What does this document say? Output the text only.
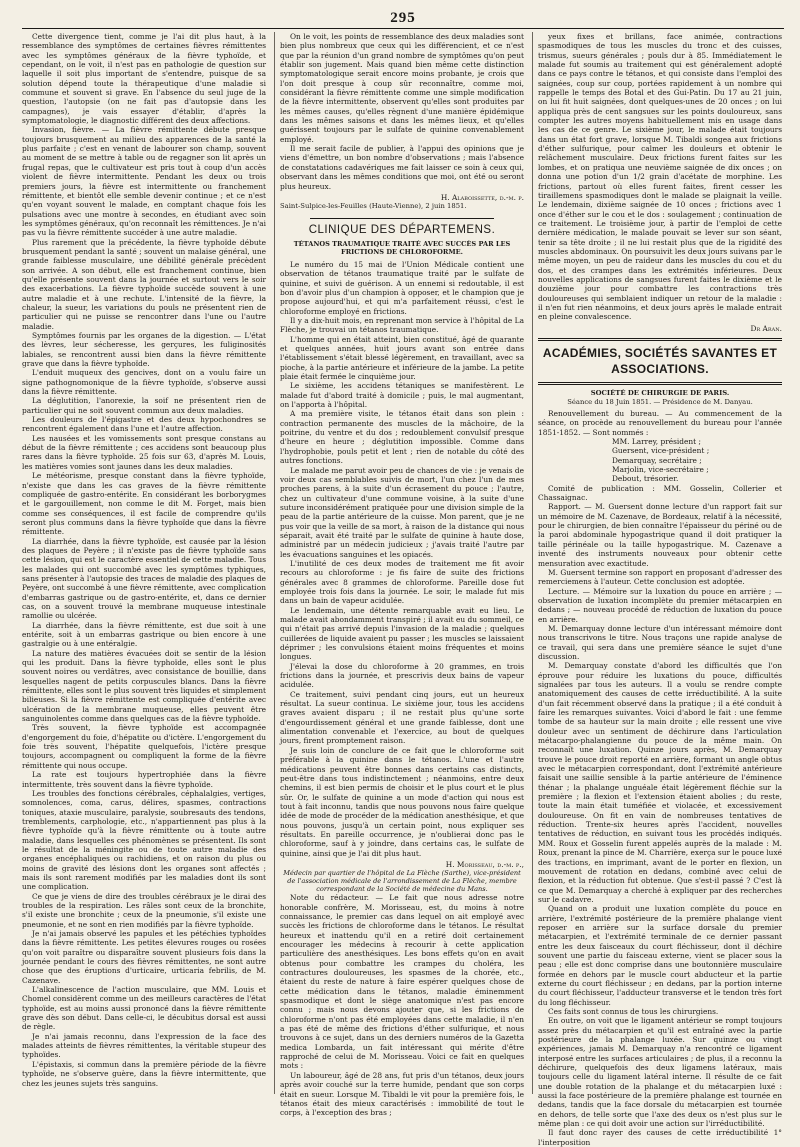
295

Cette divergence tient, comme je l'ai dit plus haut, à la ressemblance des symptômes de certaines fièvres rémittentes avec les symptômes généraux de la fièvre typhoïde, et cependant, on le voit, il n'est pas en pathologie de question sur laquelle il soit plus important de s'entendre, puisque de sa solution dépend toute la thérapeutique d'une maladie si commune et souvent si grave. En l'absence du seul juge de la question, l'autopsie (on ne fait pas d'autopsie dans les campagnes), je vais essayer d'établir, d'après la symptomatologie, le diagnostic différent des deux affections.

Invasion, fièvre. — La fièvre rémittente débute presque toujours brusquement au milieu des apparences de la santé la plus parfaite ; c'est en venant de labourer son champ, souvent au moment de se mettre à table ou de regagner son lit après un frugal repas, que le cultivateur est pris tout à coup d'un accès violent de fièvre intermittente. Pendant les deux ou trois premiers jours, la fièvre est intermittente ou franchement rémittente, et bientôt elle semble devenir continue ; et ce n'est qu'en voyant souvent le malade, en comptant chaque fois les pulsations avec une montre à secondes, en étudiant avec soin les symptômes généraux, qu'on reconnaît les rémittences. Je n'ai pas vu la fièvre rémittente succéder à une autre maladie.

Plus rarement que la précédente, la fièvre typhoïde débute brusquement pendant la santé ; souvent un malaise général, une grande faiblesse musculaire, une débilité générale précèdent son arrivée. A son début, elle est franchement continue, bien qu'elle présente souvent dans la journée et surtout vers le soir des exacerbations. La fièvre typhoïde succède souvent à une autre maladie et à une rechute. L'intensité de la fièvre, la chaleur, la sueur, les variations du pouls ne présentent rien de particulier qui ne puisse se rencontrer dans l'une ou l'autre maladie.

Symptômes fournis par les organes de la digestion. — L'état des lèvres, leur sécheresse, les gerçures, les fuliginosités labiales, se rencontrent aussi bien dans la fièvre rémittente grave que dans la fièvre typhoïde.

L'enduit muqueux des gencives, dont on a voulu faire un signe pathognomonique de la fièvre typhoïde, s'observe aussi dans la fièvre rémittente.

La déglutition, l'anorexie, la soif ne présentent rien de particulier qui ne soit souvent commun aux deux maladies.

Les douleurs de l'épigastre et des deux hypochondres se rencontrent également dans l'une et l'autre affection.

Les nausées et les vomissements sont presque constans au début de la fièvre rémittente ; ces accidens sont beaucoup plus rares dans la fièvre typhoïde. 25 fois sur 63, d'après M. Louis, les matières vomies sont jaunes dans les deux maladies.

Le météorisme, presque constant dans la fièvre typhoïde, n'existe que dans les cas graves de la fièvre rémittente compliquée de gastro-entérite. En considérant les borborygmes et le gargouillement, non comme le dit M. Forget, mais bien comme ses conséquences, il est facile de comprendre qu'ils seront plus communs dans la fièvre typhoïde que dans la fièvre rémittente.

La diarrhée, dans la fièvre typhoïde, est causée par la lésion des plaques de Peyère ; il n'existe pas de fièvre typhoïde sans cette lésion, qui est le caractère essentiel de cette maladie. Tous les malades qui ont succombé avec les symptômes typhiques, sans présenter à l'autopsie des traces de maladie des plaques de Peyère, ont succombé à une fièvre rémittente, avec complication d'embarras gastrique ou de gastro-entérite, et, dans ce dernier cas, on a souvent trouvé la membrane muqueuse intestinale ramollie ou ulcérée.

La diarrhée, dans la fièvre rémittente, est due soit à une entérite, soit à un embarras gastrique ou bien encore à une gastralgie ou à une entéralgie.

La nature des matières évacuées doit se sentir de la lésion qui les produit. Dans la fièvre typhoïde, elles sont le plus souvent noires ou verdâtres, avec consistance de bouillie, dans lesquelles nagent de petits corpuscules blancs. Dans la fièvre rémittente, elles sont le plus souvent très liquides et simplement bilieuses. Si la fièvre rémittente est compliquée d'entérite avec ulcération de la membrane muqueuse, elles peuvent être sanguinolentes comme dans quelques cas de la fièvre typhoïde.

Très souvent, la fièvre typhoïde est accompagnée d'engorgement du foie, d'hépatite ou d'ictère. L'engorgement du foie très souvent, l'hépatite quelquefois, l'ictère presque toujours, accompagnent ou compliquent la forme de la fièvre rémittente qui nous occupe.

La rate est toujours hypertrophiée dans la fièvre intermittente, très souvent dans la fièvre typhoïde.

Les troubles des fonctions cérébrales, céphalalgies, vertiges, somnolences, coma, carus, délires, spasmes, contractions toniques, ataxie musculaire, paralysie, soubresauts des tendons, tremblements, carphologie, etc., n'appartiennent pas plus à la fièvre typhoïde qu'à la fièvre rémittente ou à toute autre maladie, dans lesquelles ces phénomènes se présentent. Ils sont le résultat de la méningite ou de toute autre maladie des organes encéphaliques ou rachidiens, et on raison du plus ou moins de gravité des lésions dont les organes sont affectés ; mais ils sont rarement modifiés par les maladies dont ils sont une complication.

Ce que je viens de dire des troubles cérébraux je le dirai des troubles de la respiration. Les râles sont ceux de la bronchite, s'il existe une bronchite ; ceux de la pneumonie, s'il existe une pneumonie, et ne sont en rien modifiés par la fièvre typhoïde.

Je n'ai jamais observé les papules et les pétéchies typhoïdes dans la fièvre rémittente. Les petites élevures rouges ou rosées qu'on voit paraître ou disparaître souvent plusieurs fois dans la journée pendant le cours des fièvres rémittentes, ne sont autre chose que des éruptions d'urticaire, urticaria febrilis, de M. Cazenave.

L'alkalinescence de l'action musculaire, que MM. Louis et Chomel considèrent comme un des meilleurs caractères de l'état typhoïde, est au moins aussi prononcé dans la fièvre rémittente grave dès son début. Dans celle-ci, le décubitus dorsal est aussi de règle.

Je n'ai jamais reconnu, dans l'expression de la face des malades atteints de fièvres rémittentes, la véritable stupeur des typhoïdes.

L'épistaxis, si commun dans la première période de la fièvre typhoïde, ne s'observe guère, dans la fièvre intermittente, que chez les jeunes sujets très sanguins.

On le voit, les points de ressemblance des deux maladies sont bien plus nombreux que ceux qui les différencient, et ce n'est que par la réunion d'un grand nombre de symptômes qu'on peut établir son jugement. Mais quand bien même cette distinction symptomatologique serait encore moins probante, je crois que l'on doit presque à coup sûr reconnaître, comme moi, considérant la fièvre rémittente comme une simple modification de la fièvre intermittente, observent qu'elles sont produites par les mêmes causes, qu'elles règnent d'une manière épidémique dans les mêmes saisons et dans les mêmes lieux, et qu'elles guérissent toujours par le sulfate de quinine convenablement employé.

Il me serait facile de publier, à l'appui des opinions que je viens d'émettre, un bon nombre d'observations ; mais l'absence de constatations cadavériques me fait laisser ce soin à ceux qui, observant dans les mêmes conditions que moi, ont été ou seront plus heureux.

H. Alaboissette, d.-m. p.

Saint-Sulpice-les-Feuilles (Haute-Vienne), 2 juin 1851.

CLINIQUE DES DÉPARTEMENS.
TÉTANOS TRAUMATIQUE TRAITÉ AVEC SUCCÈS PAR LES FRICTIONS DE CHLOROFORME.

Le numéro du 15 mai de l'Union Médicale contient une observation de tétanos traumatique traité par le sulfate de quinine, et suivi de guérison. A un ennemi si redoutable, il est bon d'avoir plus d'un champion à opposer, et le champion que je propose aujourd'hui, et qui m'a parfaitement réussi, c'est le chloroforme employé en frictions.

Il y a dix-huit mois, en reprenant mon service à l'hôpital de La Flèche, je trouvai un tétanos traumatique.

L'homme qui en était atteint, bien constitué, âgé de quarante et quelques années, huit jours avant son entrée dans l'établissement s'était blessé légèrement, en travaillant, avec sa pioche, à la partie antérieure et inférieure de la jambe. La petite plaie était fermée le cinquième jour.

Le sixième, les accidens tétaniques se manifestèrent. Le malade fut d'abord traité à domicile ; puis, le mal augmentant, on l'apporta à l'hôpital.

A ma première visite, le tétanos était dans son plein : contraction permanente des muscles de la mâchoire, de la poitrine, du ventre et du dos ; redoublement convulsif presque d'heure en heure ; déglutition impossible. Comme dans l'hydrophobie, pouls petit et lent ; rien de notable du côté des autres fonctions.

Le malade me parut avoir peu de chances de vie : je venais de voir deux cas semblables suivis de mort, l'un chez l'un de mes proches parens, à la suite d'un écrasement du pouce ; l'autre, chez un cultivateur d'une commune voisine, à la suite d'une suture inconsidérément pratiquée pour une division simple de la peau de la partie antérieure de la cuisse. Mon parent, que je ne pus voir que la veille de sa mort, à raison de la distance qui nous séparait, avait été traité par le sulfate de quinine à haute dose, administré par un médecin judicieux ; j'avais traité l'autre par les évacuations sanguines et les opiacés.

L'inutilité de ces deux modes de traitement me fit avoir recours au chloroforme : je fis faire de suite des frictions générales avec 8 grammes de chloroforme. Pareille dose fut employée trois fois dans la journée. Le soir, le malade fut mis dans un bain de vapeur acidulée.

Le lendemain, une détente remarquable avait eu lieu. Le malade avait abondamment transpiré ; il avait eu du sommeil, ce qui n'était pas arrivé depuis l'invasion de la maladie ; quelques cuillerées de liquide avaient pu passer ; les muscles se laissaient déprimer ; les convulsions étaient moins fréquentes et moins longues.

J'élevai la dose du chloroforme à 20 grammes, en trois frictions dans la journée, et prescrivis deux bains de vapeur acidulée.

Ce traitement, suivi pendant cinq jours, eut un heureux résultat. La sueur continua. Le sixième jour, tous les accidens graves avaient disparu ; il ne restait plus qu'une sorte d'engourdissement général et une grande faiblesse, dont une alimentation convenable et l'exercice, au bout de quelques jours, firent promptement raison.

Je suis loin de conclure de ce fait que le chloroforme soit préférable à la quinine dans le tétanos. L'une et l'autre médications peuvent être bonnes dans certains cas distincts, peut-être dans tous indistinctement ; néanmoins, entre deux chemins, il est bien permis de choisir et le plus court et le plus sûr. Or, le sulfate de quinine a un mode d'action qui nous est tout à fait inconnu, tandis que nous pouvons nous faire quelque idée de mode de procéder de la médication anesthésique, et que nous pouvons, jusqu'à un certain point, nous expliquer ses résultats. En pareille occurrence, je n'oublierai donc pas le chloroforme, sauf à y joindre, dans certains cas, le sulfate de quinine, ainsi que je l'ai dit plus haut.

H. Morisseau, d.-m. p.,

Médecin par quartier de l'hôpital de La Flèche (Sarthe), vice-président de l'association médicale de l'arrondissement de La Flèche, membre correspondant de la Société de médecine du Mans.

Note du rédacteur. — Le fait que nous adresse notre honorable confrère, M. Morisseau, est, du moins à notre connaissance, le premier cas dans lequel on ait employé avec succès les frictions de chloroforme dans le tétanos. Le résultat heureux et inattendu qu'il en a retiré doit certainement encourager les médecins à recourir à cette application particulière des anesthésiques. Les bons effets qu'on en avait obtenus pour combattre les crampes du choléra, les contractures douloureuses, les spasmes de la chorée, etc., étaient du reste de nature à faire espérer quelques chose de cette médication dans le tétanos, maladie éminemment spasmodique et dont le siège anatomique n'est pas encore connu ; mais nous devons ajouter que, si les frictions de chloroforme n'ont pas été employées dans cette maladie, il n'en a pas été de même des frictions d'éther sulfurique, et nous trouvons à ce sujet, dans un des derniers numéros de la Gazetta medica Lombarda, un fait intéressant qui mérite d'être rapproché de celui de M. Morisseau. Voici ce fait en quelques mots :

Un laboureur, âgé de 28 ans, fut pris d'un tétanos, deux jours après avoir couché sur la terre humide, pendant que son corps était en sueur. Lorsque M. Tibaldi le vit pour la première fois, le tétanos était des mieux caractérisés : immobilité de tout le corps, à l'exception des bras ;

yeux fixes et brillans, face animée, contractions spasmodiques de tous les muscles du tronc et des cuisses, trismus, sueurs générales ; pouls dur à 85. Immédiatement le malade fut soumis au traitement qui est généralement adopté dans ce pays contre le tétanos, et qui consiste dans l'emploi des saignées, coup sur coup, portées rapidement à un nombre qui rappelle le temps des Botal et des Gui-Patin. Du 17 au 21 juin, on lui fit huit saignées, dont quelques-unes de 20 onces ; on lui appliqua près de cent sangsues sur les points douloureux, sans compter les autres moyens habituellement mis en usage dans les cas de ce genre. Le sixième jour, le malade était toujours dans un état fort grave, lorsque M. Tibaldi songea aux frictions d'éther sulfurique, pour calmer les douleurs et obtenir le relâchement musculaire. Deux frictions furent faites sur les lombes, et on pratiqua une neuvième saignée de dix onces ; on donna une potion d'un 1/2 grain d'acétate de morphine. Les frictions, partout où elles furent faites, firent cesser les tiraillemens spasmodiques dont le malade se plaignait la veille. Le lendemain, dixième saignée de 10 onces ; frictions avec 1 once d'éther sur le cou et le dos : soulagement ; continuation de ce traitement. Le troisième jour, à partir de l'emploi de cette dernière médication, le malade pouvait se lever sur son séant, tenir sa tête droite ; il ne lui restait plus que de la rigidité des muscles abdominaux. On poursuivit les deux jours suivans par le même moyen, un peu de raideur dans les muscles du cou et du dos, et des crampes dans les extrémités inférieures. Deux nouvelles applications de sangsues furent faites le dixième et le douzième jour pour combattre les contractions très douloureuses qui semblaient indiquer un retour de la maladie : il n'en fut rien néanmoins, et deux jours après le malade entrait en pleine convalescence.

Dr Aran.

ACADÉMIES, SOCIÉTÉS SAVANTES ET ASSOCIATIONS.
SOCIÉTÉ DE CHIRURGIE DE PARIS.
Séance du 18 Juin 1851. — Présidence de M. Danyau.

Renouvellement du bureau. — Au commencement de la séance, on procède au renouvellement du bureau pour l'année 1851-1852. — Sont nommés :

MM. Larrey, président ;

Guersent, vice-président ;

Demarquay, secrétaire ;

Marjolin, vice-secrétaire ;

Debout, trésorier.

Comité de publication : MM. Gosselin, Collerier et Chassaignac.

Rapport. — M. Guersent donne lecture d'un rapport fait sur un mémoire de M. Cazenave, de Bordeaux, relatif à la nécessité, pour le chirurgien, de bien connaître l'épaisseur du périné ou de la paroi abdominale hypogastrique quand il doit pratiquer la taille périnéale ou la taille hypogastrique. M. Cazenave a inventé des instruments nouveaux pour obtenir cette mensuration avec exactitude.

M. Guersent termine son rapport en proposant d'adresser des remerciemens à l'auteur. Cette conclusion est adoptée.

Lecture. — Mémoire sur la luxation du pouce en arrière ; — observation de luxation incomplète du premier métacarpien en dedans ; — nouveau procédé de réduction de luxation du pouce en arrière.

M. Demarquay donne lecture d'un intéressant mémoire dont nous transcrivons le titre. Nous traçons une rapide analyse de ce travail, qui sera dans une première séance le sujet d'une discussion.

M. Demarquay constate d'abord les difficultés que l'on éprouve pour réduire les luxations du pouce, difficultés signalées par tous les auteurs. Il a voulu se rendre compte anatomiquement des causes de cette irréductibilité. A la suite d'un fait récemment observé dans la pratique ; il a été conduit à faire les remarques suivantes. Voici d'abord le fait : une femme tombe de sa hauteur sur la main droite ; elle ressent une vive douleur avec un sentiment de déchirure dans l'articulation métacarpo-phalangienne du pouce de la même main. On reconnaît une luxation. Quinze jours après, M. Demarquay trouve le pouce droit reporté en arrière, formant un angle obtus avec le métacarpien correspondant, dont l'extrémité antérieure faisait une saillie sensible à la partie antérieure de l'éminence thénar ; la phalange unguéale était légèrement fléchie sur la première ; la flexion et l'extension étaient abolies ; du reste, toute la main était tuméfiée et violacée, et excessivement douloureuse. On fit en vain de nombreuses tentatives de réduction. Trente-six heures après l'accident, nouvelles tentatives de réduction, en suivant tous les procédés indiqués. MM. Roux et Gosselin furent appelés auprès de la malade : M. Roux, prenant la pince de M. Charrière, exerça sur le pouce luxé des tractions, en imprimant, avant de le porter en flexion, un mouvement de rotation en dedans, combiné avec celui de flexion, et la réduction fut obtenue. Que s'est-il passé ? C'est là ce que M. Demarquay a cherché à expliquer par des recherches sur le cadavre.

Quand on a produit une luxation complète du pouce en arrière, l'extrémité postérieure de la première phalange vient reposer en arrière sur la surface dorsale du premier métacarpien, et l'extrémité terminale de ce dernier passant entre les deux faisceaux du court fléchisseur, dont il déchire souvent une partie du faisceau externe, vient se placer sous la peau ; elle est donc comprise dans une boutonnière musculaire formée en dehors par le muscle court abducteur et la partie externe du court fléchisseur ; en dedans, par la portion interne du court fléchisseur, l'adducteur transverse et le tendon très fort du long fléchisseur.

Ces faits sont connus de tous les chirurgiens.

En outre, on voit que le ligament antérieur se rompt toujours assez près du métacarpien et qu'il est entraîné avec la partie postérieure de la phalange luxée. Sur quinze ou vingt expériences, jamais M. Demarquay n'a rencontré ce ligament interposé entre les surfaces articulaires ; de plus, il a reconnu la déchirure, quelquefois des deux ligamens latéraux, mais toujours celle du ligament latéral interne. Il résulte de ce fait une double rotation de la phalange et du métacarpien luxé : aussi la face postérieure de la première phalange est tournée en dedans, tandis que la face dorsale du métacarpien est tournée en dehors, de telle sorte que l'axe des deux os n'est plus sur le même plan : ce qui doit avoir une action sur l'irréductibilité.

Il faut donc rayer des causes de cette irréductibilité 1° l'interposition
